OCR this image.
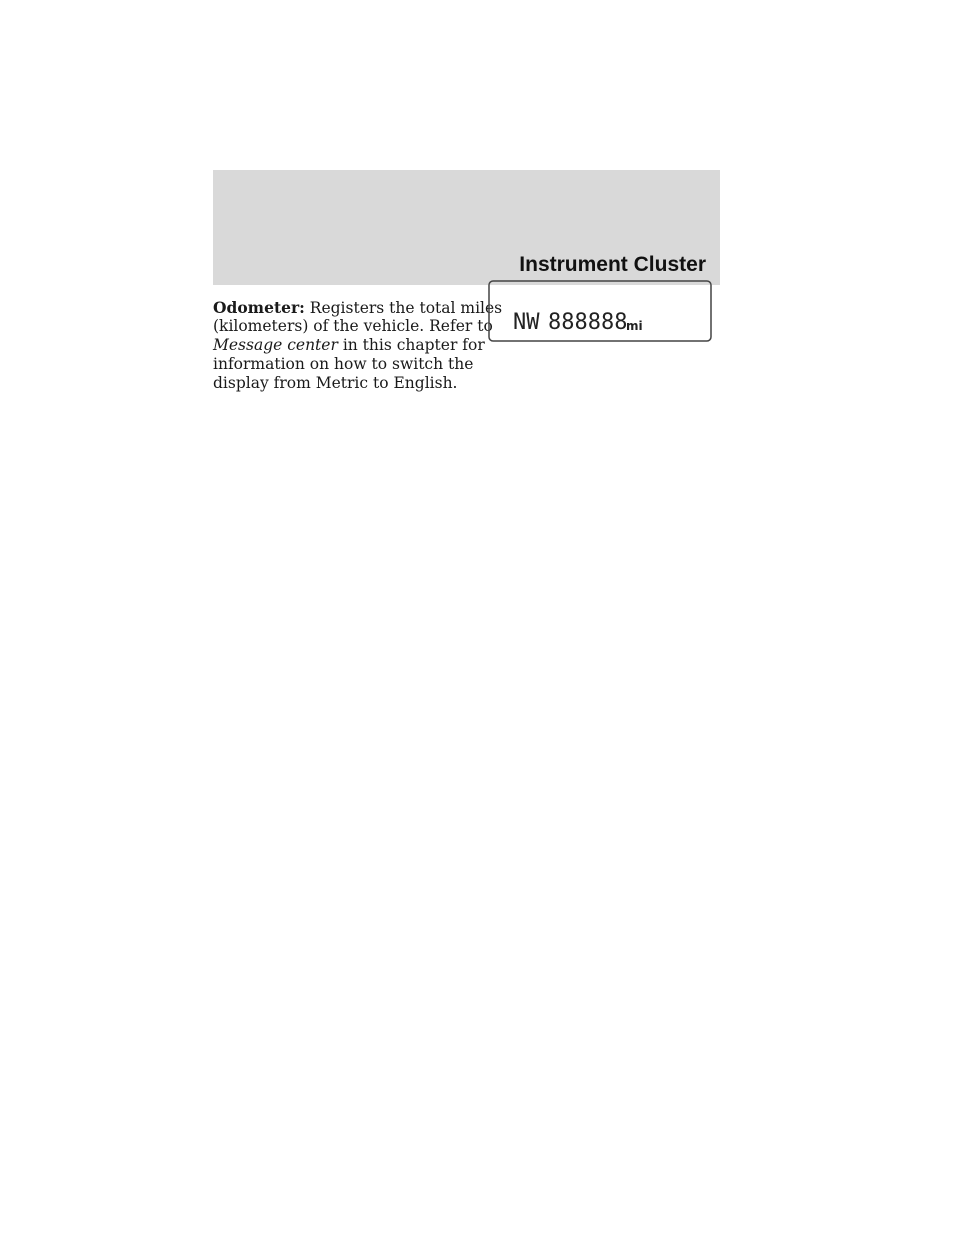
Instrument Cluster
Odometer: Registers the total miles
(kilometers) of the vehicle. Refer to
Message center in this chapter for
information on how to switch the
display from Metric to English.
NW 888888
mi
